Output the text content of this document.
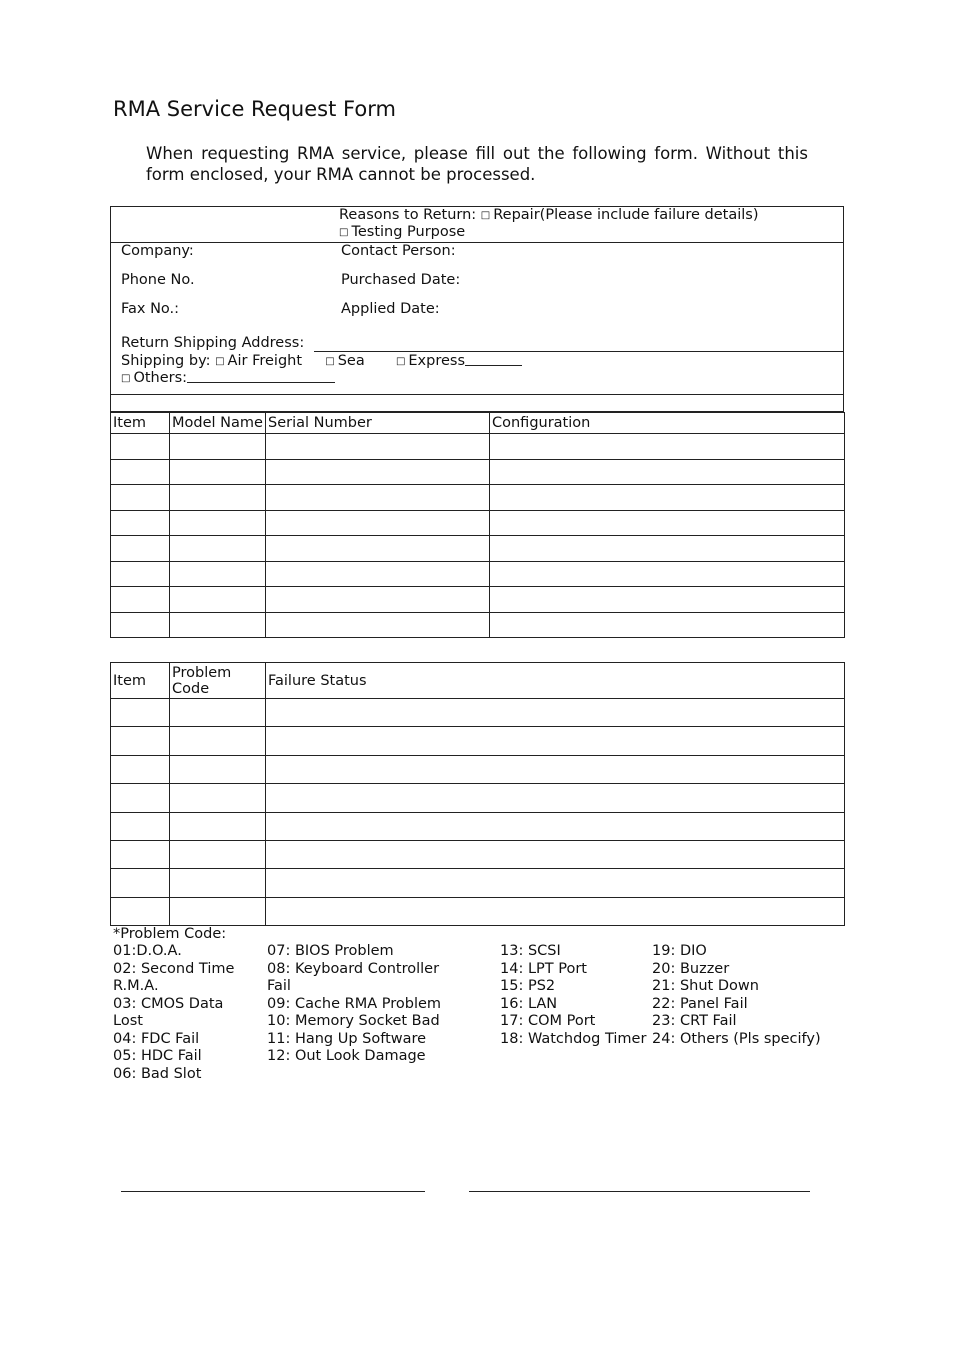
RMA Service Request Form
When requesting RMA service, please fill out the following form. Without this form enclosed, your RMA cannot be processed.
Reasons to Return: □ Repair(Please include failure details)
□ Testing Purpose
Company:	Contact Person:
Phone No.	Purchased Date:
Fax No.:	Applied Date:
Return Shipping Address:
Shipping by: □ Air Freight □ Sea	□ Express
□ Others:
Item	Model Name	Serial Number	Configuration

Item	Problem Code	Failure Status

*Problem Code:
01:D.O.A.
02: Second Time
R.M.A.
03: CMOS Data
Lost
04: FDC Fail
05: HDC Fail
06: Bad Slot
07: BIOS Problem
08: Keyboard Controller
Fail
09: Cache RMA Problem
10: Memory Socket Bad
11: Hang Up Software
12: Out Look Damage
13: SCSI
14: LPT Port
15: PS2
16: LAN
17: COM Port
18: Watchdog Timer
19: DIO
20: Buzzer
21: Shut Down
22: Panel Fail
23: CRT Fail
24: Others (Pls specify)
